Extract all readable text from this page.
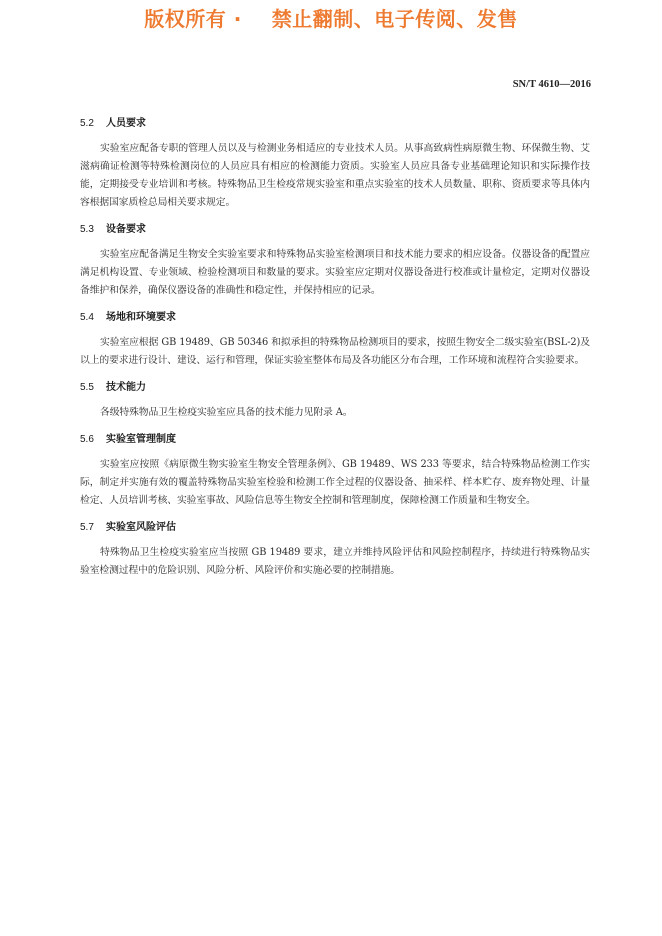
版权所有 ·    禁止翻制、电子传阅、发售
SN/T 4610—2016
5.2	人员要求

实验室应配备专职的管理人员以及与检测业务相适应的专业技术人员。从事高致病性病原微生物、环保微生物、艾滋病确证检测等特殊检测岗位的人员应具有相应的检测能力资质。实验室人员应具备专业基础理论知识和实际操作技能，定期接受专业培训和考核。特殊物品卫生检疫常规实验室和重点实验室的技术人员数量、职称、资质要求等具体内容根据国家质检总局相关要求规定。

5.3	设备要求

实验室应配备满足生物安全实验室要求和特殊物品实验室检测项目和技术能力要求的相应设备。仪器设备的配置应满足机构设置、专业领域、检验检测项目和数量的要求。实验室应定期对仪器设备进行校准或计量检定，定期对仪器设备维护和保养，确保仪器设备的准确性和稳定性，并保持相应的记录。

5.4	场地和环境要求

实验室应根据 GB 19489、GB 50346 和拟承担的特殊物品检测项目的要求，按照生物安全二级实验室(BSL-2)及以上的要求进行设计、建设、运行和管理，保证实验室整体布局及各功能区分布合理，工作环境和流程符合实验要求。

5.5	技术能力

各级特殊物品卫生检疫实验室应具备的技术能力见附录 A。

5.6	实验室管理制度

实验室应按照《病原微生物实验室生物安全管理条例》、GB 19489、WS 233 等要求，结合特殊物品检测工作实际，制定并实施有效的覆盖特殊物品实验室检验和检测工作全过程的仪器设备、抽采样、样本贮存、废弃物处理、计量检定、人员培训考核、实验室事故、风险信息等生物安全控制和管理制度，保障检测工作质量和生物安全。

5.7	实验室风险评估

特殊物品卫生检疫实验室应当按照 GB 19489 要求，建立并维持风险评估和风险控制程序，持续进行特殊物品实验室检测过程中的危险识别、风险分析、风险评价和实施必要的控制措施。
